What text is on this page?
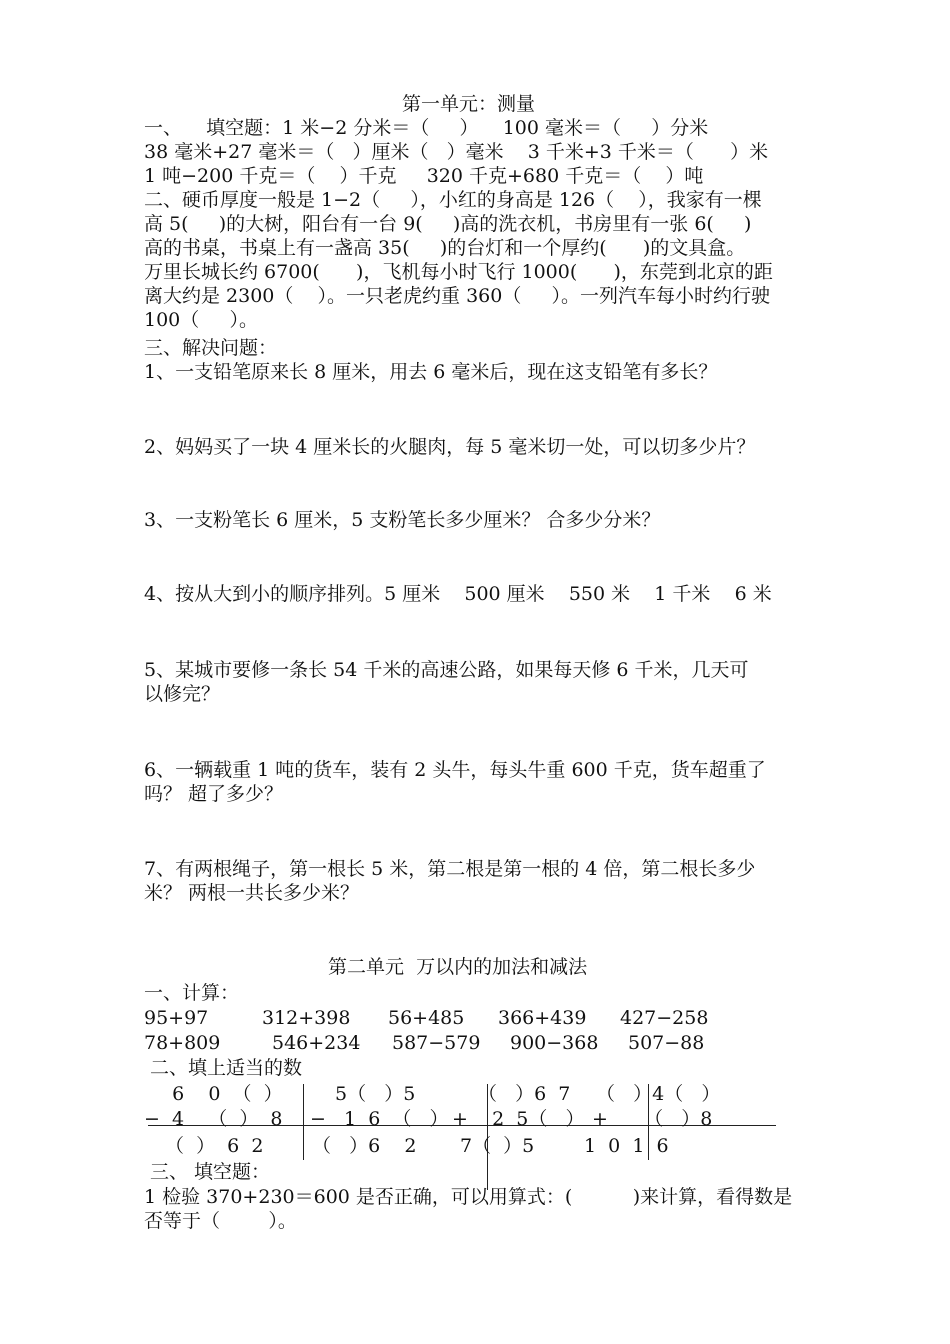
第一单元：测量
一、    填空题：1 米−2 分米＝（     ）    100 毫米＝（     ）分米
38 毫米+27 毫米＝（   ）厘米（   ）毫米    3 千米+3 千米＝（      ）米
1 吨−200 千克＝（    ）千克     320 千克+680 千克＝（    ）吨
二、硬币厚度一般是 1−2（     ），小红的身高是 126（    ），我家有一棵
高 5(     )的大树，阳台有一台 9(     )高的洗衣机，书房里有一张 6(     )
高的书桌，书桌上有一盏高 35(     )的台灯和一个厚约(      )的文具盒。
万里长城长约 6700(      )，飞机每小时飞行 1000(      )，东莞到北京的距
离大约是 2300（    ）。一只老虎约重 360（     ）。一列汽车每小时约行驶
100（     ）。
三、解决问题：
1、一支铅笔原来长 8 厘米，用去 6 毫米后，现在这支铅笔有多长？
2、妈妈买了一块 4 厘米长的火腿肉，每 5 毫米切一处，可以切多少片？
3、一支粉笔长 6 厘米，5 支粉笔长多少厘米？ 合多少分米？
4、按从大到小的顺序排列。5 厘米    500 厘米    550 米    1 千米    6 米
5、某城市要修一条长 54 千米的高速公路，如果每天修 6 千米，几天可
以修完？
6、一辆载重 1 吨的货车，装有 2 头牛，每头牛重 600 千克，货车超重了
吗？ 超了多少？
7、有两根绳子，第一根长 5 米，第二根是第一根的 4 倍，第二根长多少
米？ 两根一共长多少米？
第二单元  万以内的加法和减法
一、计算：
95+97	312+398 56+485 366+439 427−258
78+809	546+234 587−579 900−368 507−88
二、填上适当的数
6    0  （  ）
−  4    （  ）  8
（  ）  6  2
5（   ）5
−   1  6  （   ）
（   ）6    2
（   ）6  7
+    2  5（   ）
7（  ）5
（   ）4（   ）
+      （   ）8
1  0  1  6
三、 填空题：
1 检验 370+230＝600 是否正确，可以用算式：(          )来计算，看得数是
否等于（        ）。
